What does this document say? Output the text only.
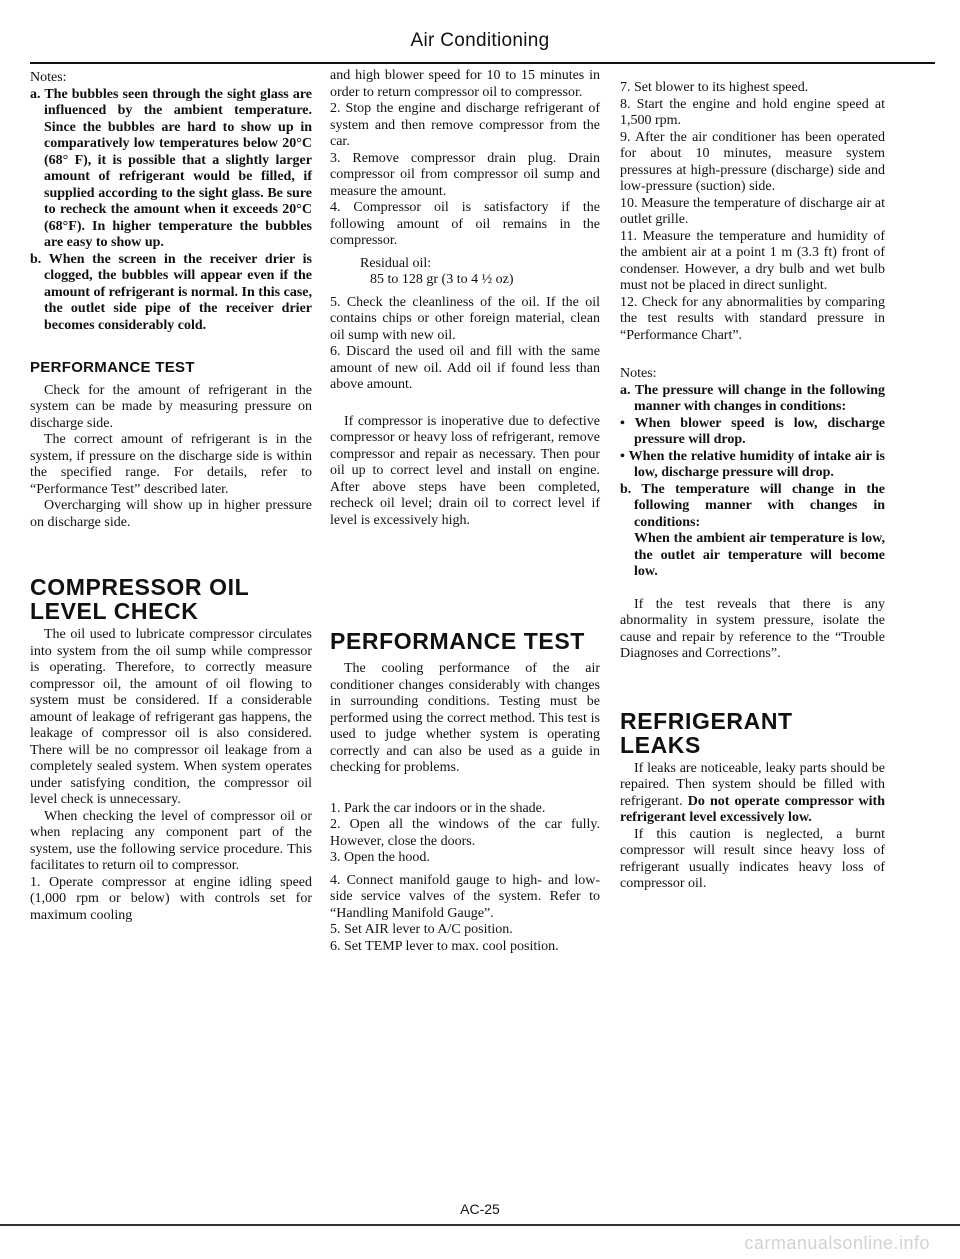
Air Conditioning

Notes:

a. The bubbles seen through the sight glass are influenced by the ambient temperature. Since the bubbles are hard to show up in comparatively low temperatures below 20°C (68° F), it is possible that a slightly larger amount of refrigerant would be filled, if supplied according to the sight glass. Be sure to recheck the amount when it exceeds 20°C (68°F). In higher temperature the bubbles are easy to show up.

b. When the screen in the receiver drier is clogged, the bubbles will appear even if the amount of refrigerant is normal. In this case, the outlet side pipe of the receiver drier becomes considerably cold.

PERFORMANCE TEST

Check for the amount of refrigerant in the system can be made by measuring pressure on discharge side.

The correct amount of refrigerant is in the system, if pressure on the discharge side is within the specified range. For details, refer to “Performance Test” described later.

Overcharging will show up in higher pressure on discharge side.

COMPRESSOR OIL
LEVEL CHECK

The oil used to lubricate compressor circulates into system from the oil sump while compressor is operating. Therefore, to correctly measure compressor oil, the amount of oil flowing to system must be considered. If a considerable amount of leakage of refrigerant gas happens, the leakage of compressor oil is also considered. There will be no compressor oil leakage from a completely sealed system. When system operates under satisfying condition, the compressor oil level check is unnecessary.

When checking the level of compressor oil or when replacing any component part of the system, use the following service procedure. This facilitates to return oil to compressor.

1. Operate compressor at engine idling speed (1,000 rpm or below) with controls set for maximum cooling

and high blower speed for 10 to 15 minutes in order to return compressor oil to compressor.

2. Stop the engine and discharge refrigerant of system and then remove compressor from the car.

3. Remove compressor drain plug. Drain compressor oil from compressor oil sump and measure the amount.

4. Compressor oil is satisfactory if the following amount of oil remains in the compressor.

Residual oil:

85 to 128 gr (3 to 4 ½ oz)

5. Check the cleanliness of the oil. If the oil contains chips or other foreign material, clean oil sump with new oil.

6. Discard the used oil and fill with the same amount of new oil. Add oil if found less than above amount.

If compressor is inoperative due to defective compressor or heavy loss of refrigerant, remove compressor and repair as necessary. Then pour oil up to correct level and install on engine. After above steps have been completed, recheck oil level; drain oil to correct level if level is excessively high.

PERFORMANCE TEST

The cooling performance of the air conditioner changes considerably with changes in surrounding conditions. Testing must be performed using the correct method. This test is used to judge whether system is operating correctly and can also be used as a guide in checking for problems.

1. Park the car indoors or in the shade.

2. Open all the windows of the car fully. However, close the doors.

3. Open the hood.

4. Connect manifold gauge to high- and low-side service valves of the system. Refer to “Handling Manifold Gauge”.

5. Set AIR lever to A/C position.

6. Set TEMP lever to max. cool position.

7. Set blower to its highest speed.

8. Start the engine and hold engine speed at 1,500 rpm.

9. After the air conditioner has been operated for about 10 minutes, measure system pressures at high-pressure (discharge) side and low-pressure (suction) side.

10. Measure the temperature of discharge air at outlet grille.

11. Measure the temperature and humidity of the ambient air at a point 1 m (3.3 ft) front of condenser. However, a dry bulb and wet bulb must not be placed in direct sunlight.

12. Check for any abnormalities by comparing the test results with standard pressure in “Performance Chart”.

Notes:

a. The pressure will change in the following manner with changes in conditions:

• When blower speed is low, discharge pressure will drop.

• When the relative humidity of intake air is low, discharge pressure will drop.

b. The temperature will change in the following manner with changes in conditions:

When the ambient air temperature is low, the outlet air temperature will become low.

If the test reveals that there is any abnormality in system pressure, isolate the cause and repair by reference to the “Trouble Diagnoses and Corrections”.

REFRIGERANT
LEAKS

If leaks are noticeable, leaky parts should be repaired. Then system should be filled with refrigerant. Do not operate compressor with refrigerant level excessively low.

If this caution is neglected, a burnt compressor will result since heavy loss of refrigerant usually indicates heavy loss of compressor oil.

AC-25
carmanualsonline.info
